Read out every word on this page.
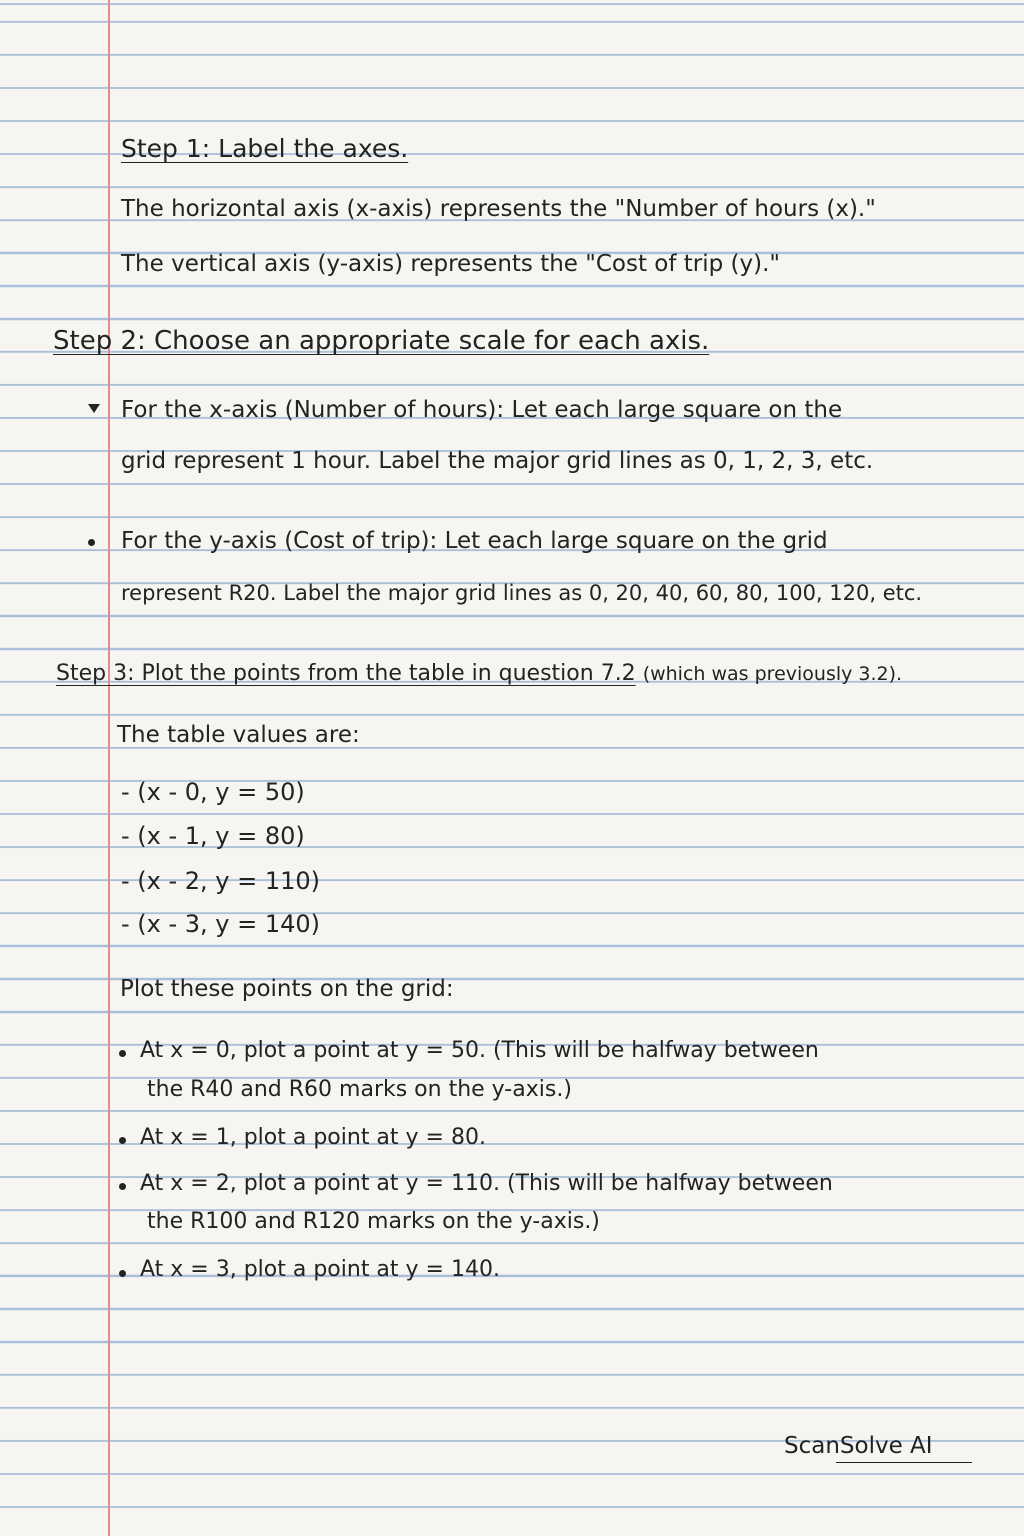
Step 1: Label the axes.
The horizontal axis (x-axis) represents the "Number of hours (x)."
The vertical axis (y-axis) represents the "Cost of trip (y)."
Step 2: Choose an appropriate scale for each axis.
For the x-axis (Number of hours): Let each large square on the
grid represent 1 hour. Label the major grid lines as 0, 1, 2, 3, etc.
For the y-axis (Cost of trip): Let each large square on the grid
represent R20. Label the major grid lines as 0, 20, 40, 60, 80, 100, 120, etc.
Step 3: Plot the points from the table in question 7.2 (which was previously 3.2).
The table values are:
- (x - 0, y = 50)
- (x - 1, y = 80)
- (x - 2, y = 110)
- (x - 3, y = 140)
Plot these points on the grid:
At x = 0, plot a point at y = 50. (This will be halfway between
the R40 and R60 marks on the y-axis.)
At x = 1, plot a point at y = 80.
At x = 2, plot a point at y = 110. (This will be halfway between
the R100 and R120 marks on the y-axis.)
At x = 3, plot a point at y = 140.
ScanSolve AI
